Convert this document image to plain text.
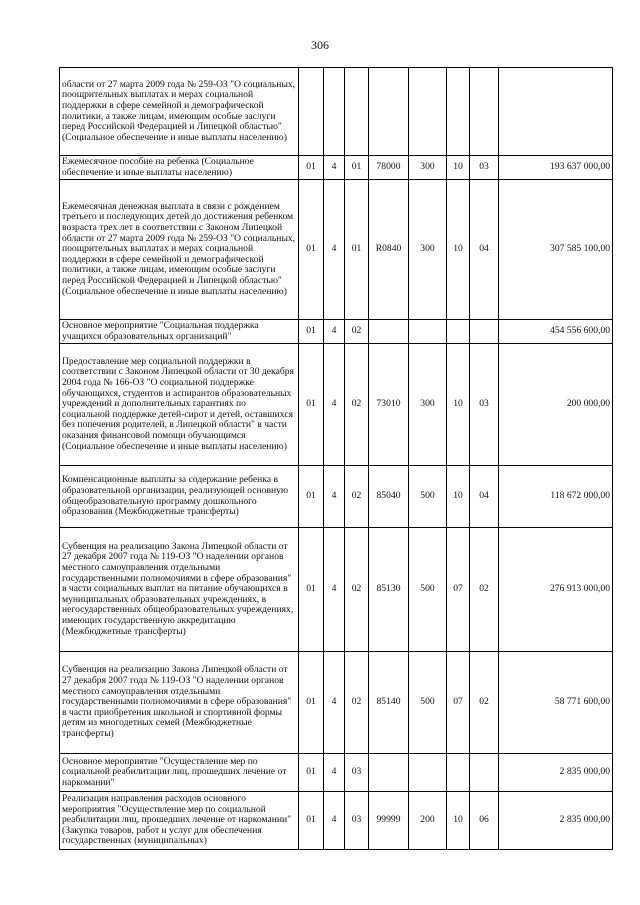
306
области от 27 марта 2009 года № 259-ОЗ "О социальных, поощрительных выплатах и мерах социальной поддержки в сфере семейной и демографической политики, а также лицам, имеющим особые заслуги перед Российской Федерацией и Липецкой областью" (Социальное обеспечение и иные выплаты населению)								
Ежемесячное пособие на ребенка (Социальное обеспечение и иные выплаты населению)	01	4	01	78000	300	10	03	193 637 000,00
Ежемесячная денежная выплата в связи с рождением третьего и последующих детей до достижения ребенком возраста трех лет в соответствии с Законом Липецкой области от 27 марта 2009 года № 259-ОЗ "О социальных, поощрительных выплатах и мерах социальной поддержки в сфере семейной и демографической политики, а также лицам, имеющим особые заслуги перед Российской Федерацией и Липецкой областью" (Социальное обеспечение и иные выплаты населению)	01	4	01	R0840	300	10	04	307 585 100,00
Основное мероприятие "Социальная поддержка учащихся образовательных организаций"	01	4	02					454 556 600,00
Предоставление мер социальной поддержки в соответствии с Законом Липецкой области от 30 декабря 2004 года № 166-ОЗ "О социальной поддержке обучающихся, студентов и аспирантов образовательных учреждений и дополнительных гарантиях по социальной поддержке детей-сирот и детей, оставшихся без попечения родителей, в Липецкой области" в части оказания финансовой помощи обучающимся (Социальное обеспечение и иные выплаты населению)	01	4	02	73010	300	10	03	200 000,00
Компенсационные выплаты за содержание ребенка в образовательной организации, реализующей основную общеобразовательную программу дошкольного образования (Межбюджетные трансферты)	01	4	02	85040	500	10	04	118 672 000,00
Субвенция на реализацию Закона Липецкой области от 27 декабря 2007 года № 119-ОЗ "О наделении органов местного самоуправления отдельными государственными полномочиями в сфере образования" в части социальных выплат на питание обучающихся в муниципальных образовательных учреждениях, в негосударственных общеобразовательных учреждениях, имеющих государственную аккредитацию (Межбюджетные трансферты)	01	4	02	85130	500	07	02	276 913 000,00
Субвенция на реализацию Закона Липецкой области от 27 декабря 2007 года № 119-ОЗ "О наделении органов местного самоуправления отдельными государственными полномочиями в сфере образования" в части приобретения школьной и спортивной формы детям из многодетных семей (Межбюджетные трансферты)	01	4	02	85140	500	07	02	58 771 600,00
Основное мероприятие "Осуществление мер по социальной реабилитации лиц, прошедших лечение от наркомании"	01	4	03					2 835 000,00
Реализация направления расходов основного мероприятия "Осуществление мер по социальной реабилитации лиц, прошедших лечение от наркомании" (Закупка товаров, работ и услуг для обеспечения государственных (муниципальных)	01	4	03	99999	200	10	06	2 835 000,00
